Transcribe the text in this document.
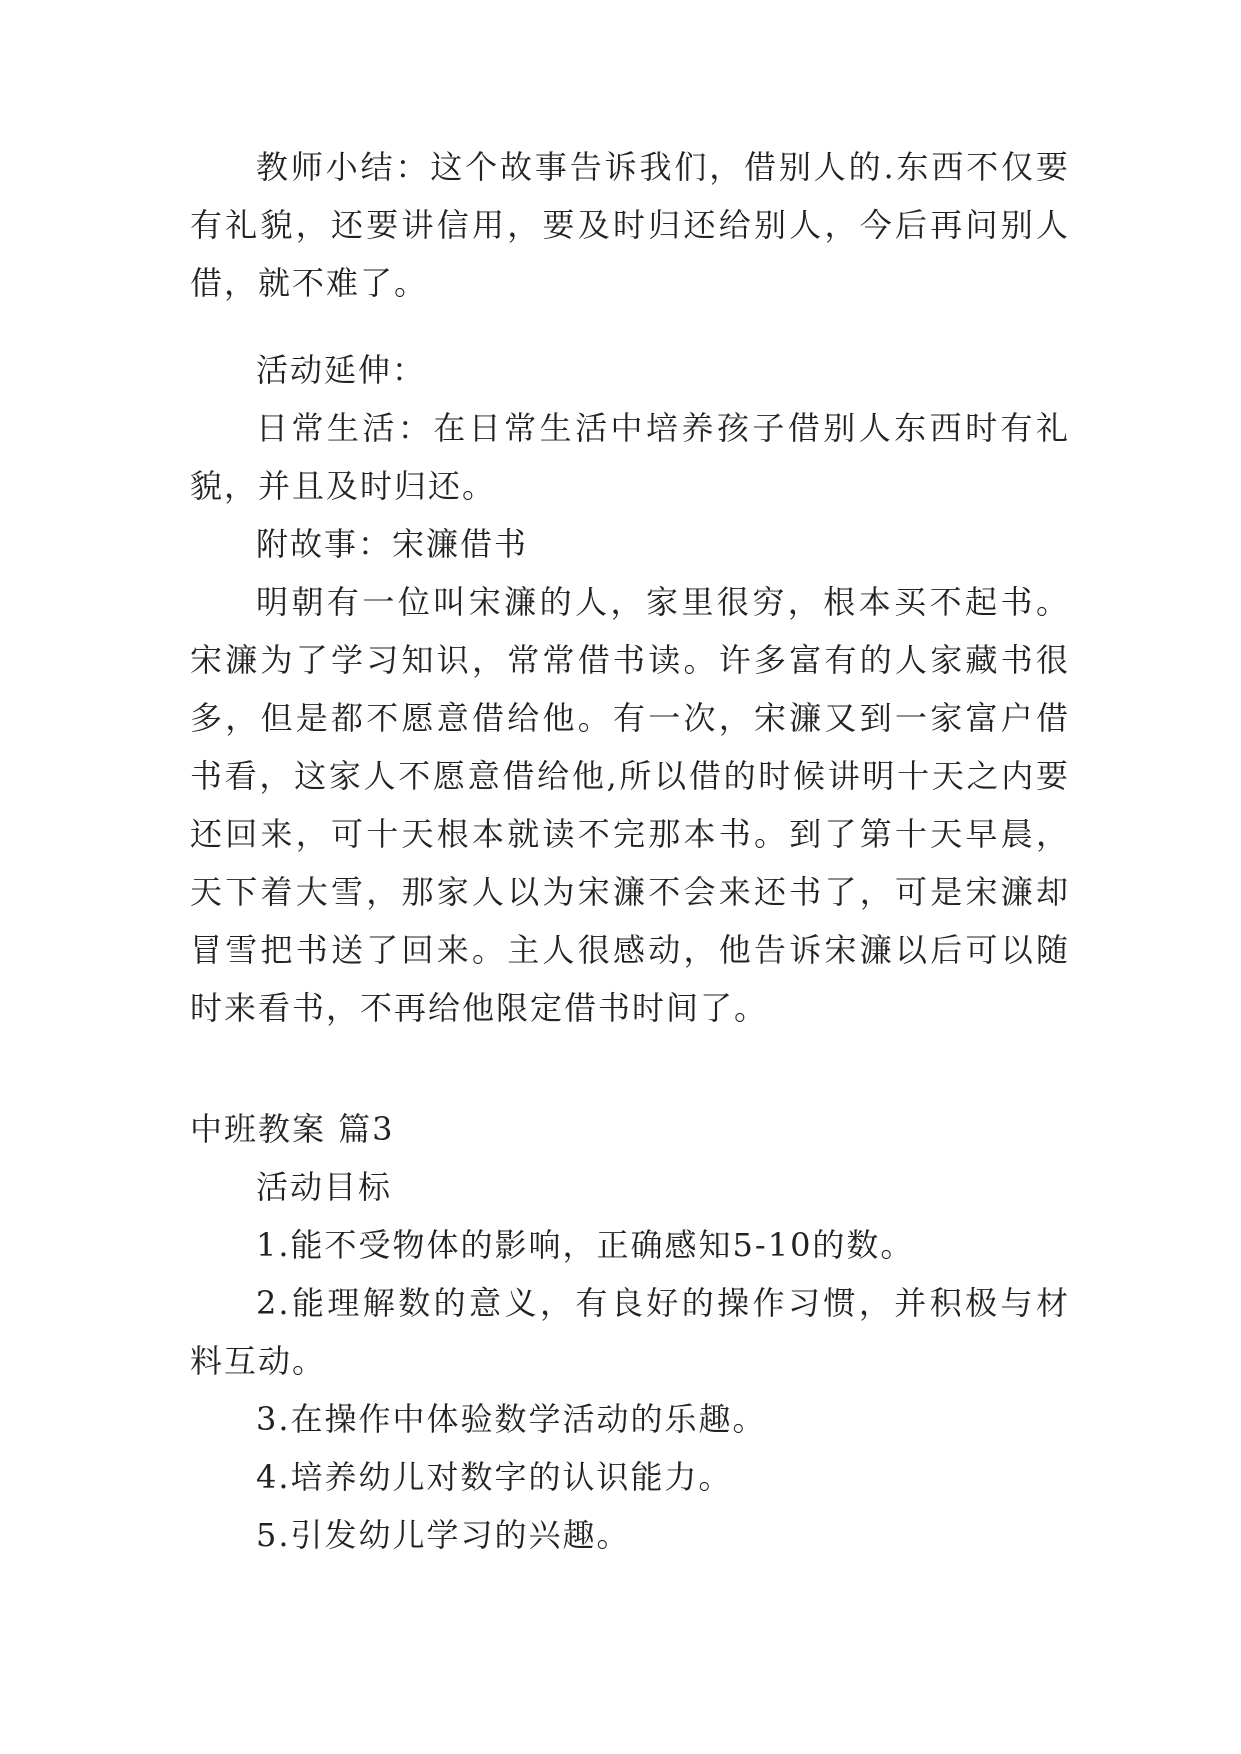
教师小结：这个故事告诉我们，借别人的.东西不仅要有礼貌，还要讲信用，要及时归还给别人，今后再问别人借，就不难了。

活动延伸：

日常生活：在日常生活中培养孩子借别人东西时有礼貌，并且及时归还。

附故事：宋濂借书

明朝有一位叫宋濂的人，家里很穷，根本买不起书。宋濂为了学习知识，常常借书读。许多富有的人家藏书很多，但是都不愿意借给他。有一次，宋濂又到一家富户借书看，这家人不愿意借给他,所以借的时候讲明十天之内要还回来，可十天根本就读不完那本书。到了第十天早晨，天下着大雪，那家人以为宋濂不会来还书了，可是宋濂却冒雪把书送了回来。主人很感动，他告诉宋濂以后可以随时来看书，不再给他限定借书时间了。

中班教案 篇3

活动目标

1.能不受物体的影响，正确感知5-10的数。

2.能理解数的意义，有良好的操作习惯，并积极与材料互动。

3.在操作中体验数学活动的乐趣。

4.培养幼儿对数字的认识能力。

5.引发幼儿学习的兴趣。
